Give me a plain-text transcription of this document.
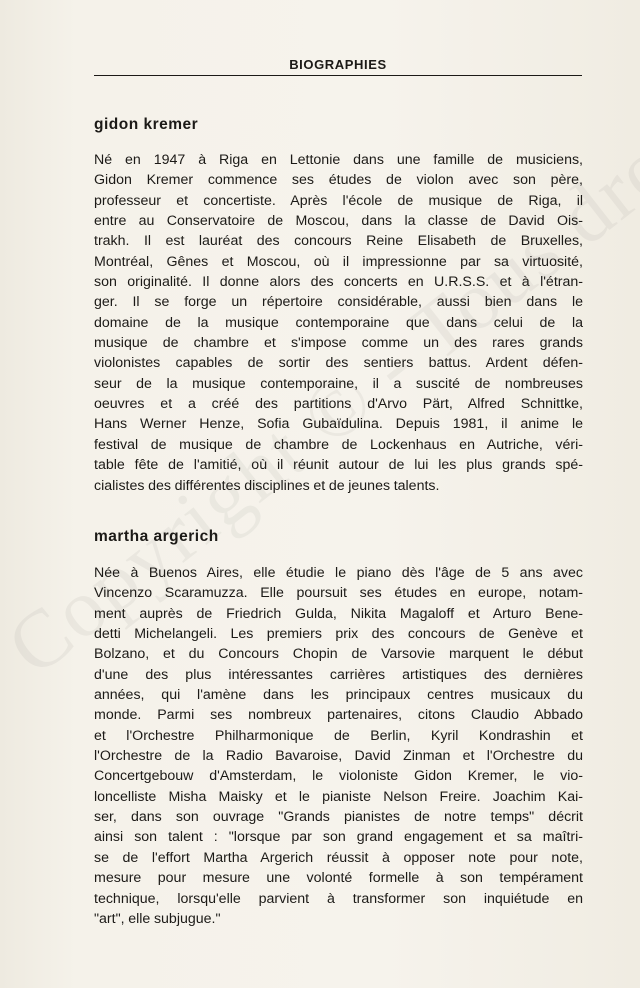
BIOGRAPHIES
gidon kremer

Né en 1947 à Riga en Lettonie dans une famille de musiciens,
Gidon Kremer commence ses études de violon avec son père,
professeur et concertiste. Après l'école de musique de Riga, il
entre au Conservatoire de Moscou, dans la classe de David Ois-
trakh. Il est lauréat des concours Reine Elisabeth de Bruxelles,
Montréal, Gênes et Moscou, où il impressionne par sa virtuosité,
son originalité. Il donne alors des concerts en U.R.S.S. et à l'étran-
ger. Il se forge un répertoire considérable, aussi bien dans le
domaine de la musique contemporaine que dans celui de la
musique de chambre et s'impose comme un des rares grands
violonistes capables de sortir des sentiers battus. Ardent défen-
seur de la musique contemporaine, il a suscité de nombreuses
oeuvres et a créé des partitions d'Arvo Pärt, Alfred Schnittke,
Hans Werner Henze, Sofia Gubaïdulina. Depuis 1981, il anime le
festival de musique de chambre de Lockenhaus en Autriche, véri-
table fête de l'amitié, où il réunit autour de lui les plus grands spé-
cialistes des différentes disciplines et de jeunes talents.

martha argerich

Née à Buenos Aires, elle étudie le piano dès l'âge de 5 ans avec
Vincenzo Scaramuzza. Elle poursuit ses études en europe, notam-
ment auprès de Friedrich Gulda, Nikita Magaloff et Arturo Bene-
detti Michelangeli. Les premiers prix des concours de Genève et
Bolzano, et du Concours Chopin de Varsovie marquent le début
d'une des plus intéressantes carrières artistiques des dernières
années, qui l'amène dans les principaux centres musicaux du
monde. Parmi ses nombreux partenaires, citons Claudio Abbado
et l'Orchestre Philharmonique de Berlin, Kyril Kondrashin et
l'Orchestre de la Radio Bavaroise, David Zinman et l'Orchestre du
Concertgebouw d'Amsterdam, le violoniste Gidon Kremer, le vio-
loncelliste Misha Maisky et le pianiste Nelson Freire. Joachim Kai-
ser, dans son ouvrage "Grands pianistes de notre temps" décrit
ainsi son talent : "lorsque par son grand engagement et sa maîtri-
se de l'effort Martha Argerich réussit à opposer note pour note,
mesure pour mesure une volonté formelle à son tempérament
technique, lorsqu'elle parvient à transformer son inquiétude en
"art", elle subjugue."
